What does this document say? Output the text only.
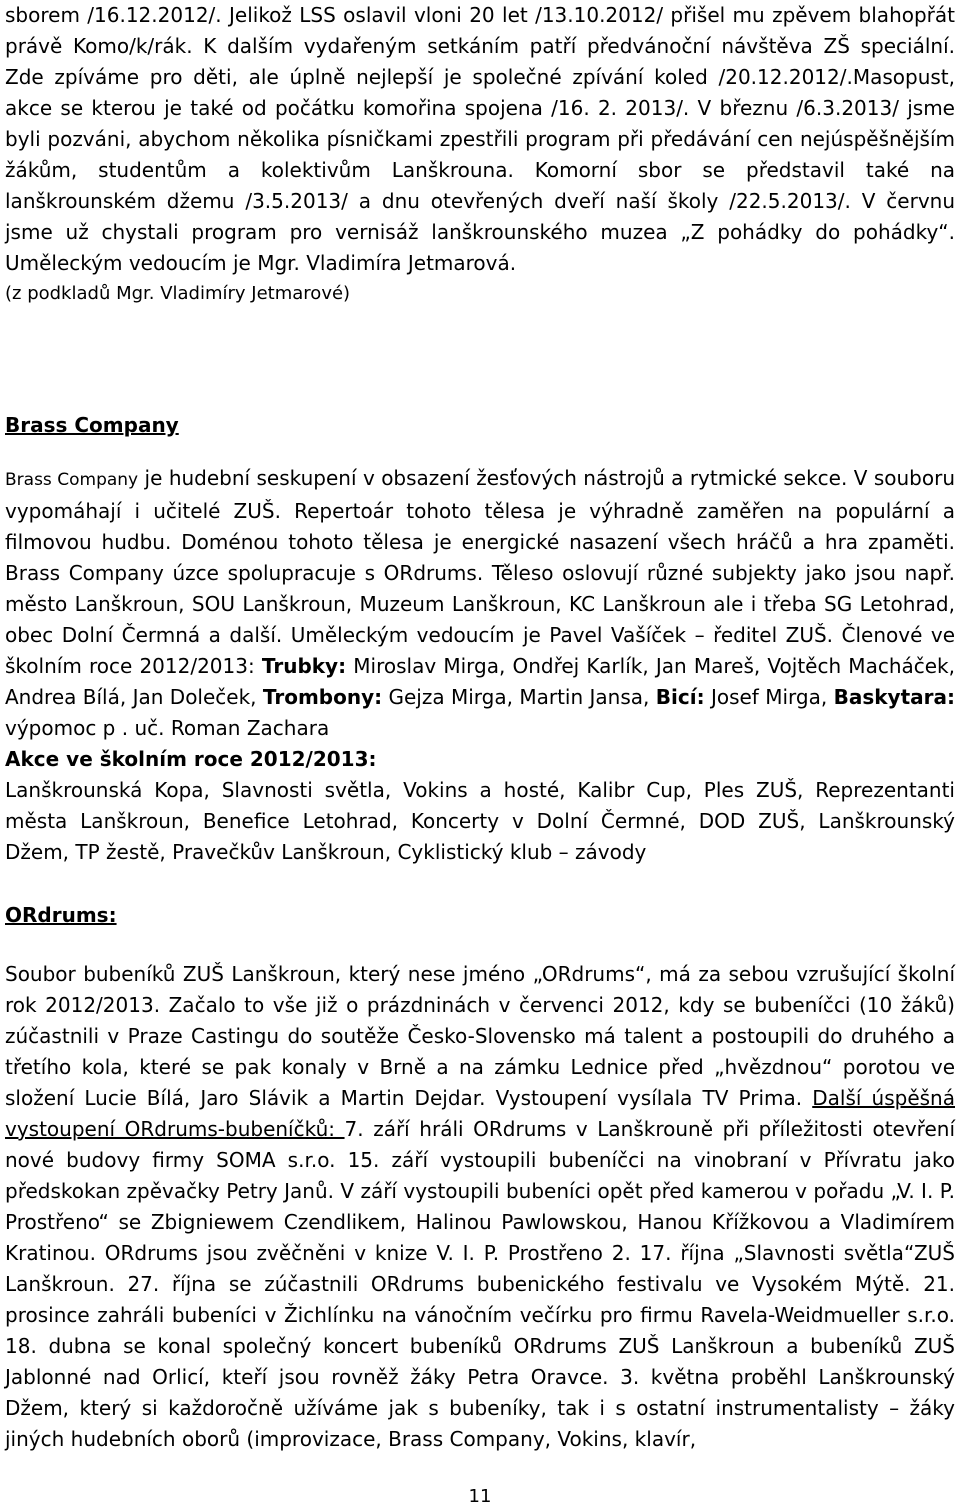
sborem /16.12.2012/. Jelikož LSS oslavil vloni 20 let /13.10.2012/ přišel mu zpěvem blahopřát právě Komo/k/rák. K dalším vydařeným setkáním patří předvánoční návštěva ZŠ speciální. Zde zpíváme pro děti, ale úplně nejlepší je společné zpívání koled /20.12.2012/.Masopust, akce se kterou je také od počátku komořina spojena /16. 2. 2013/. V březnu /6.3.2013/ jsme byli pozváni, abychom několika písničkami zpestřili program při předávání cen nejúspěšnějším žákům, studentům a kolektivům Lanškrouna. Komorní sbor se představil také na lanškrounském džemu /3.5.2013/ a dnu otevřených dveří naší školy /22.5.2013/. V červnu jsme už chystali program pro vernisáž lanškrounského muzea „Z pohádky do pohádky“. Uměleckým vedoucím je Mgr. Vladimíra Jetmarová.

(z podkladů Mgr. Vladimíry Jetmarové)

Brass Company

Brass Company je hudební seskupení v obsazení žesťových nástrojů a rytmické sekce. V souboru vypomáhají i učitelé ZUŠ. Repertoár tohoto tělesa je výhradně zaměřen na populární a filmovou hudbu. Doménou tohoto tělesa je energické nasazení všech hráčů a hra zpaměti. Brass Company úzce spolupracuje s ORdrums. Těleso oslovují různé subjekty jako jsou např. město Lanškroun, SOU Lanškroun, Muzeum Lanškroun, KC Lanškroun ale i třeba SG Letohrad, obec Dolní Čermná a další. Uměleckým vedoucím je Pavel Vašíček – ředitel ZUŠ. Členové ve školním roce 2012/2013: Trubky: Miroslav Mirga, Ondřej Karlík, Jan Mareš, Vojtěch Macháček, Andrea Bílá, Jan Doleček, Trombony: Gejza Mirga, Martin Jansa, Bicí: Josef Mirga, Baskytara: výpomoc p . uč. Roman Zachara

Akce ve školním roce 2012/2013:

Lanškrounská Kopa, Slavnosti světla, Vokins a hosté, Kalibr Cup, Ples ZUŠ, Reprezentanti města Lanškroun, Benefice Letohrad, Koncerty v Dolní Čermné, DOD ZUŠ, Lanškrounský Džem, TP žestě, Pravečkův Lanškroun, Cyklistický klub – závody

ORdrums:

Soubor bubeníků ZUŠ Lanškroun, který nese jméno „ORdrums“, má za sebou vzrušující školní rok 2012/2013. Začalo to vše již o prázdninách v červenci 2012, kdy se bubeníčci (10 žáků) zúčastnili v Praze Castingu do soutěže Česko-Slovensko má talent a postoupili do druhého a třetího kola, které se pak konaly v Brně a na zámku Lednice před „hvězdnou“ porotou ve složení Lucie Bílá, Jaro Slávik a Martin Dejdar. Vystoupení vysílala TV Prima. Další úspěšná vystoupení ORdrums-bubeníčků: 7. září hráli ORdrums v Lanškrouně při příležitosti otevření nové budovy firmy SOMA s.r.o. 15. září vystoupili bubeníčci na vinobraní v Přívratu jako předskokan zpěvačky Petry Janů. V září vystoupili bubeníci opět před kamerou v pořadu „V. I. P. Prostřeno“ se Zbigniewem Czendlikem, Halinou Pawlowskou, Hanou Křížkovou a Vladimírem Kratinou. ORdrums jsou zvěčněni v knize V. I. P. Prostřeno 2. 17. října „Slavnosti světla“ZUŠ Lanškroun. 27. října se zúčastnili ORdrums bubenického festivalu ve Vysokém Mýtě. 21. prosince zahráli bubeníci v Žichlínku na vánočním večírku pro firmu Ravela-Weidmueller s.r.o. 18. dubna se konal společný koncert bubeníků ORdrums ZUŠ Lanškroun a bubeníků ZUŠ Jablonné nad Orlicí, kteří jsou rovněž žáky Petra Oravce. 3. května proběhl Lanškrounský Džem, který si každoročně užíváme jak s bubeníky, tak i s ostatní instrumentalisty – žáky jiných hudebních oborů (improvizace, Brass Company, Vokins, klavír,

11
